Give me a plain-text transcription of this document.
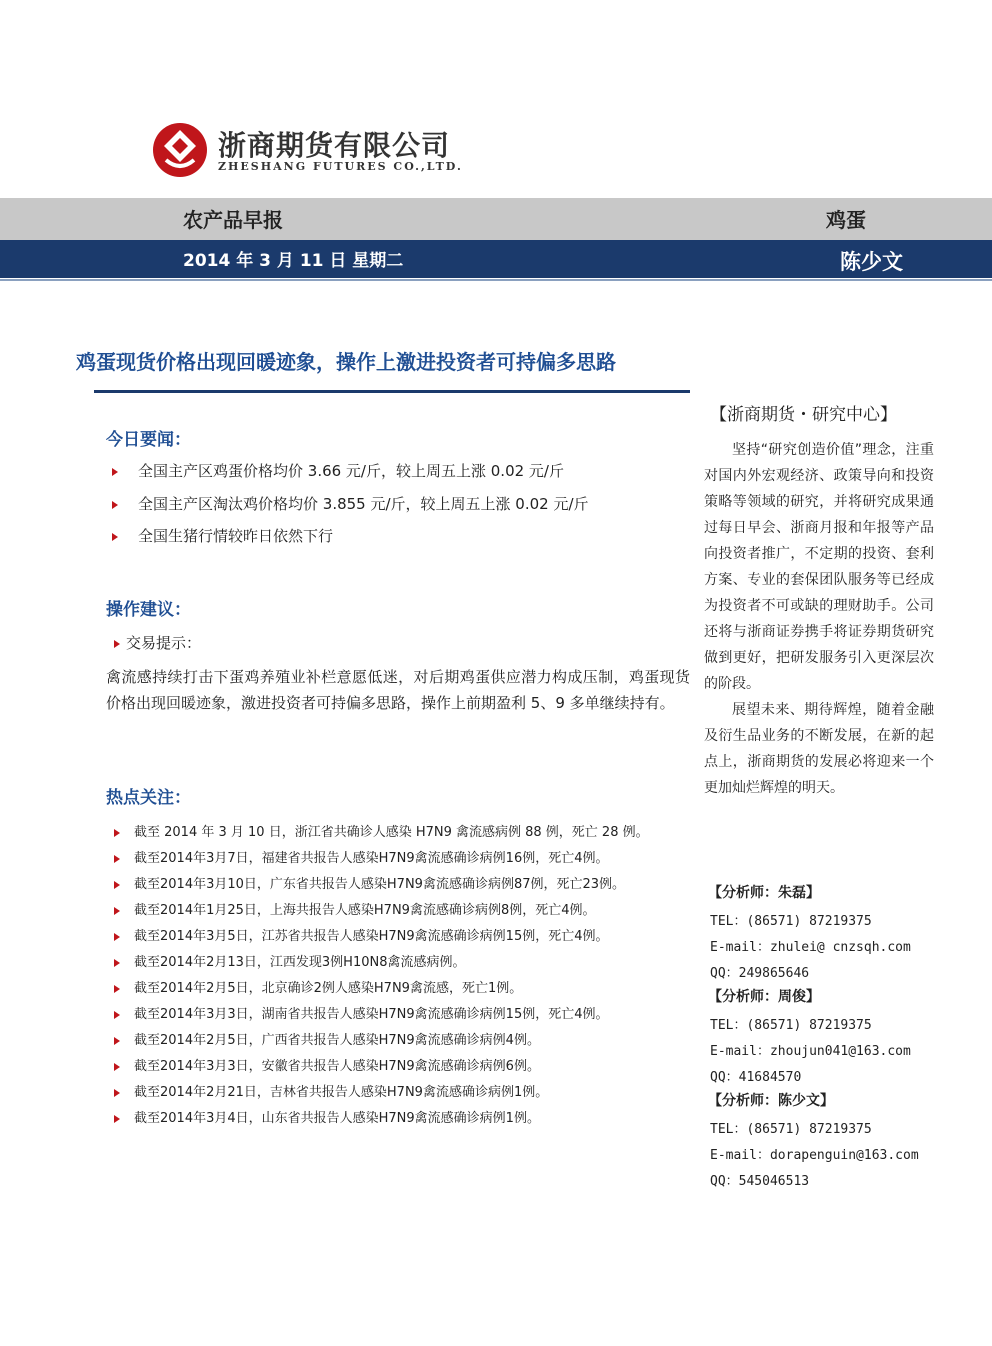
浙商期货有限公司
ZHESHANG FUTURES CO.,LTD.
农产品早报	鸡蛋
2014 年 3 月 11 日 星期二	陈少文
鸡蛋现货价格出现回暖迹象，操作上激进投资者可持偏多思路
今日要闻：
全国主产区鸡蛋价格均价 3.66 元/斤，较上周五上涨 0.02 元/斤
全国主产区淘汰鸡价格均价 3.855 元/斤，较上周五上涨 0.02 元/斤
全国生猪行情较昨日依然下行
操作建议：
交易提示：
禽流感持续打击下蛋鸡养殖业补栏意愿低迷，对后期鸡蛋供应潜力构成压制，鸡蛋现货价格出现回暖迹象，激进投资者可持偏多思路，操作上前期盈利 5、9 多单继续持有。
热点关注：
截至 2014 年 3 月 10 日，浙江省共确诊人感染 H7N9 禽流感病例 88 例，死亡 28 例。
截至2014年3月7日，福建省共报告人感染H7N9禽流感确诊病例16例，死亡4例。
截至2014年3月10日，广东省共报告人感染H7N9禽流感确诊病例87例，死亡23例。
截至2014年1月25日，上海共报告人感染H7N9禽流感确诊病例8例，死亡4例。
截至2014年3月5日，江苏省共报告人感染H7N9禽流感确诊病例15例，死亡4例。
截至2014年2月13日，江西发现3例H10N8禽流感病例。
截至2014年2月5日，北京确诊2例人感染H7N9禽流感，死亡1例。
截至2014年3月3日，湖南省共报告人感染H7N9禽流感确诊病例15例，死亡4例。
截至2014年2月5日，广西省共报告人感染H7N9禽流感确诊病例4例。
截至2014年3月3日，安徽省共报告人感染H7N9禽流感确诊病例6例。
截至2014年2月21日，吉林省共报告人感染H7N9禽流感确诊病例1例。
截至2014年3月4日，山东省共报告人感染H7N9禽流感确诊病例1例。
【浙商期货・研究中心】
坚持“研究创造价值”理念，注重对国内外宏观经济、政策导向和投资策略等领域的研究，并将研究成果通过每日早会、浙商月报和年报等产品向投资者推广，不定期的投资、套利方案、专业的套保团队服务等已经成为投资者不可或缺的理财助手。公司还将与浙商证券携手将证券期货研究做到更好，把研发服务引入更深层次的阶段。
展望未来、期待辉煌，随着金融及衍生品业务的不断发展，在新的起点上，浙商期货的发展必将迎来一个更加灿烂辉煌的明天。
【分析师：朱磊】
TEL：(86571) 87219375
E-mail：zhulei@ cnzsqh.com
QQ：249865646
【分析师：周俊】
TEL：(86571) 87219375
E-mail：zhoujun041@163.com
QQ：41684570
【分析师：陈少文】
TEL：(86571) 87219375
E-mail：dorapenguin@163.com
QQ：545046513
